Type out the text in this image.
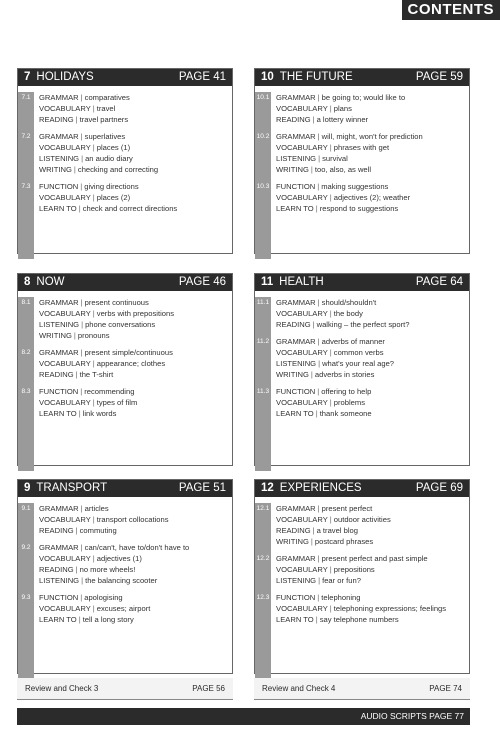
CONTENTS
7 HOLIDAYS	PAGE 41
7.1	GRAMMAR | comparatives
VOCABULARY | travel
READING | travel partners
7.2	GRAMMAR | superlatives
VOCABULARY | places (1)
LISTENING | an audio diary
WRITING | checking and correcting
7.3	FUNCTION | giving directions
VOCABULARY | places (2)
LEARN TO | check and correct directions
10 THE FUTURE	PAGE 59
10.1 GRAMMAR | be going to; would like to
VOCABULARY | plans
READING | a lottery winner
10.2 GRAMMAR | will, might, won't for prediction
VOCABULARY | phrases with get
LISTENING | survival
WRITING | too, also, as well
10.3 FUNCTION | making suggestions
VOCABULARY | adjectives (2); weather
LEARN TO | respond to suggestions
8 NOW	PAGE 46
8.1	GRAMMAR | present continuous
VOCABULARY | verbs with prepositions
LISTENING | phone conversations
WRITING | pronouns
8.2	GRAMMAR | present simple/continuous
VOCABULARY | appearance; clothes
READING | the T-shirt
8.3	FUNCTION | recommending
VOCABULARY | types of film
LEARN TO | link words
11 HEALTH	PAGE 64
11.1 GRAMMAR | should/shouldn't
VOCABULARY | the body
READING | walking – the perfect sport?
11.2 GRAMMAR | adverbs of manner
VOCABULARY | common verbs
LISTENING | what's your real age?
WRITING | adverbs in stories
11.3 FUNCTION | offering to help
VOCABULARY | problems
LEARN TO | thank someone
9 TRANSPORT	PAGE 51
9.1	GRAMMAR | articles
VOCABULARY | transport collocations
READING | commuting
9.2	GRAMMAR | can/can't, have to/don't have to
VOCABULARY | adjectives (1)
READING | no more wheels!
LISTENING | the balancing scooter
9.3	FUNCTION | apologising
VOCABULARY | excuses; airport
LEARN TO | tell a long story
12 EXPERIENCES	PAGE 69
12.1 GRAMMAR | present perfect
VOCABULARY | outdoor activities
READING | a travel blog
WRITING | postcard phrases
12.2 GRAMMAR | present perfect and past simple
VOCABULARY | prepositions
LISTENING | fear or fun?
12.3 FUNCTION | telephoning
VOCABULARY | telephoning expressions; feelings
LEARN TO | say telephone numbers
Review and Check 3	PAGE 56	Review and Check 4	PAGE 74
AUDIO SCRIPTS PAGE 77
